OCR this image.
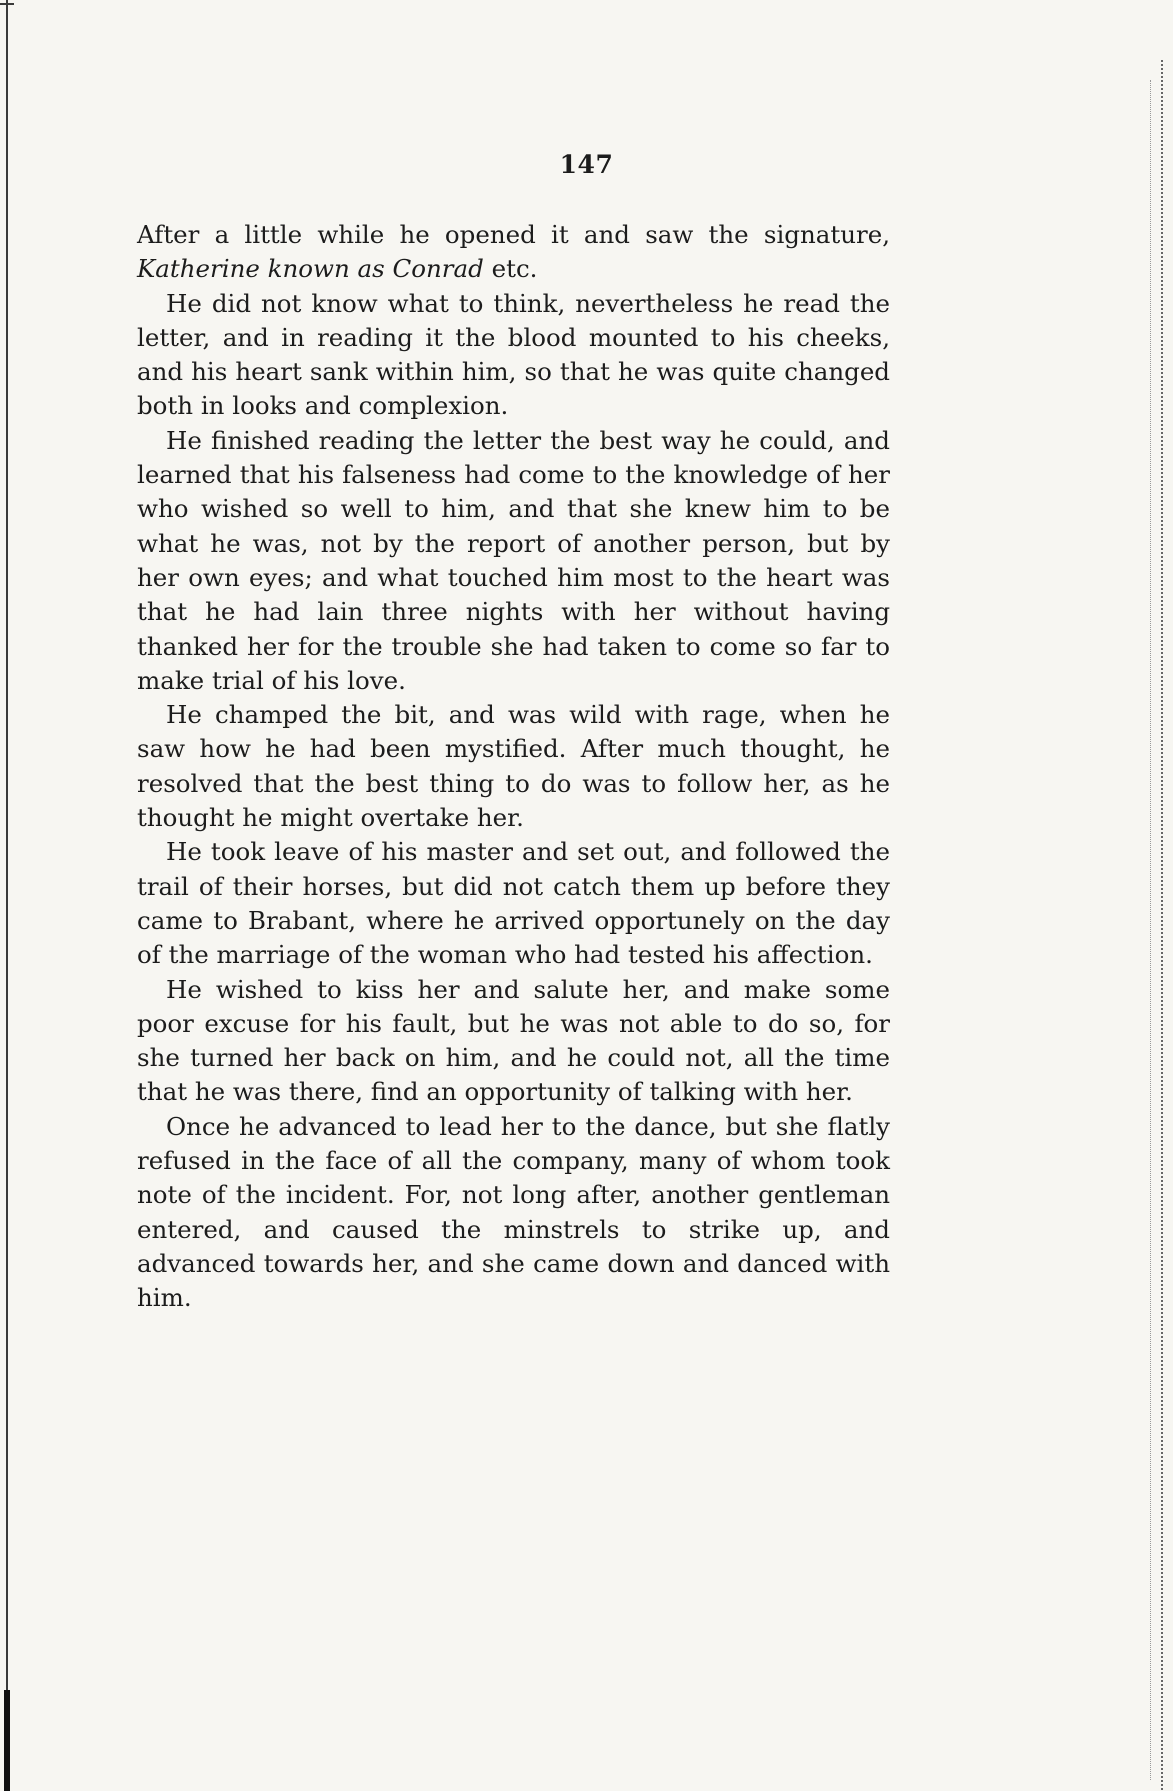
147

After a little while he opened it and saw the signature, Katherine known as Conrad etc.

He did not know what to think, nevertheless he read the letter, and in reading it the blood mounted to his cheeks, and his heart sank within him, so that he was quite changed both in looks and complexion.

He finished reading the letter the best way he could, and learned that his falseness had come to the knowledge of her who wished so well to him, and that she knew him to be what he was, not by the report of another person, but by her own eyes; and what touched him most to the heart was that he had lain three nights with her without having thanked her for the trouble she had taken to come so far to make trial of his love.

He champed the bit, and was wild with rage, when he saw how he had been mystified. After much thought, he resolved that the best thing to do was to follow her, as he thought he might overtake her.

He took leave of his master and set out, and followed the trail of their horses, but did not catch them up before they came to Brabant, where he arrived opportunely on the day of the marriage of the woman who had tested his affection.

He wished to kiss her and salute her, and make some poor excuse for his fault, but he was not able to do so, for she turned her back on him, and he could not, all the time that he was there, find an opportunity of talking with her.

Once he advanced to lead her to the dance, but she flatly refused in the face of all the company, many of whom took note of the incident. For, not long after, another gentleman entered, and caused the minstrels to strike up, and advanced towards her, and she came down and danced with him.
